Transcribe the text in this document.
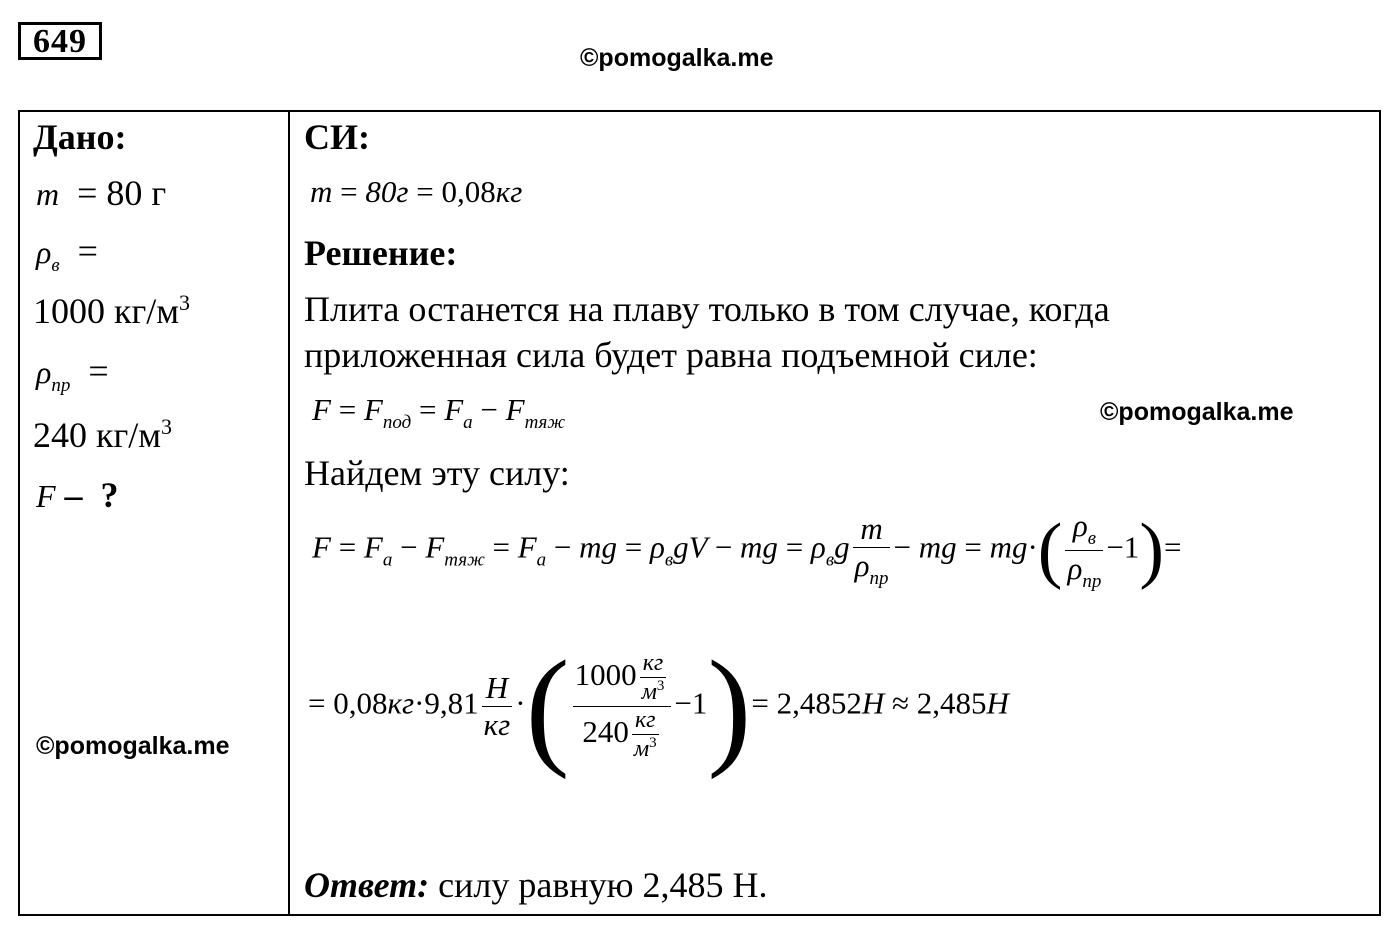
649	©pomogalka.me
Дано:
m  = 80 г
$\rho_в$  =
1000 $кг/м^3$
$\rho_{пр}$  =
240 $кг/м^3$
F –  ?
©pomogalka.me
СИ:
m = 80г = 0,08кг
Решение:
Плита останется на плаву только в том случае, когда
приложенная сила будет равна подъемной силе:
$F = F_{под} = F_а - F_{тяж}$	©pomogalka.me
Найдем эту силу:
$F = F_а - F_{тяж} = F_а$ − mg = $\rho_вgV$ − mg = $\rho_вg \frac{m}{\rho_{пр}}$ − mg = $mg\cdot( \frac{\rho_в}{\rho_{пр}} -1)=$
= $0,08кг\cdot 9,81 \frac{Н}{кг}$ ·( $\frac{1000 \frac{кг}{м^3}}{240 \frac{кг}{м^3}} -1)= 2,4852Н \approx 2,485Н$
Ответ: силу равную 2,485 Н.
